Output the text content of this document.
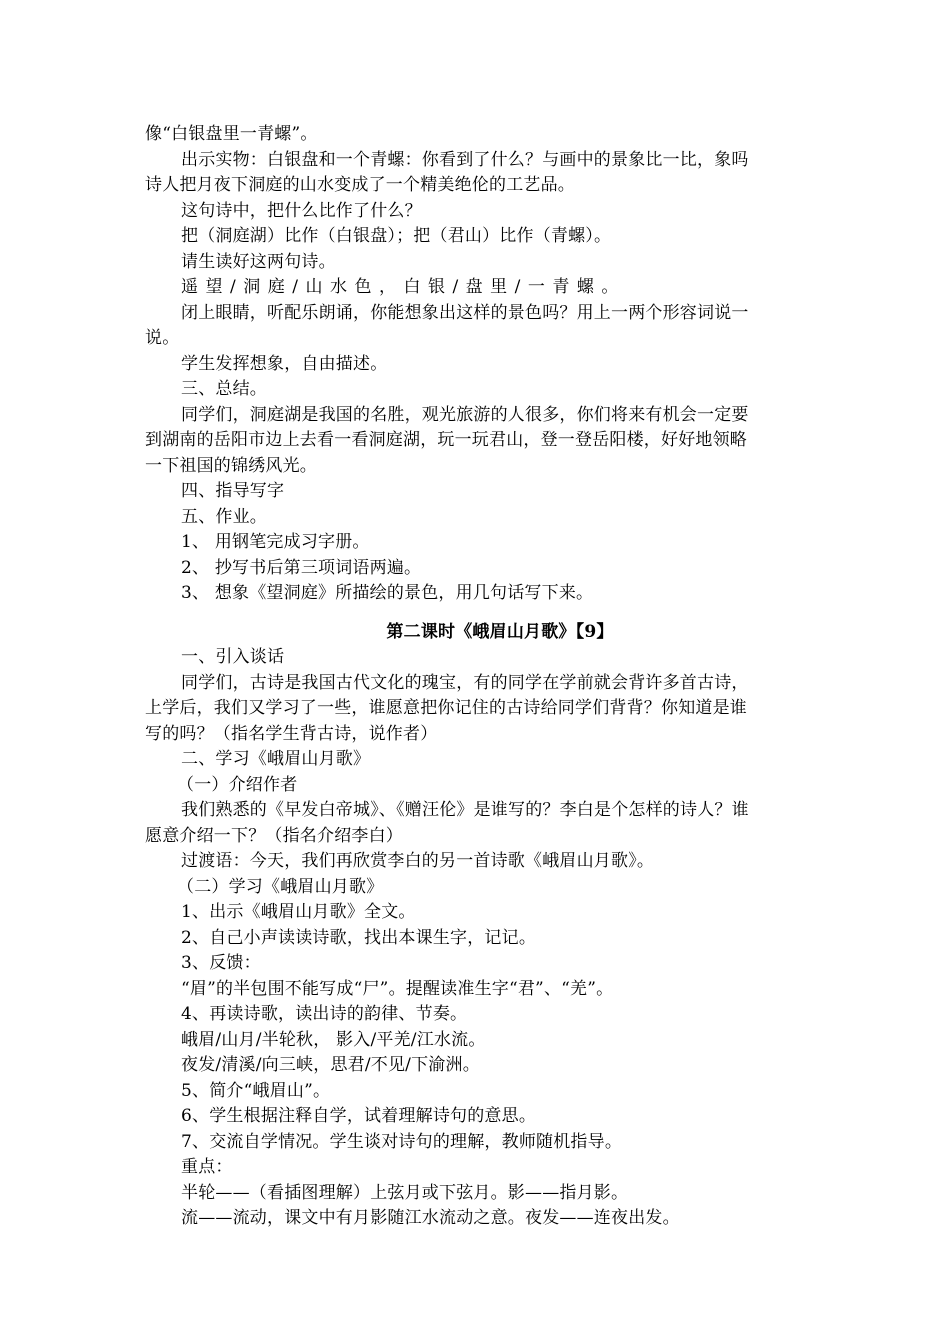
像“白银盘里一青螺”。
出示实物：白银盘和一个青螺：你看到了什么？与画中的景象比一比，象吗
诗人把月夜下洞庭的山水变成了一个精美绝伦的工艺品。
这句诗中，把什么比作了什么？
把（洞庭湖）比作（白银盘）；把（君山）比作（青螺）。
请生读好这两句诗。
遥望/洞庭/山水色，白银/盘里/一青螺。
闭上眼睛，听配乐朗诵，你能想象出这样的景色吗？用上一两个形容词说一
说。
学生发挥想象，自由描述。
三、总结。
同学们，洞庭湖是我国的名胜，观光旅游的人很多，你们将来有机会一定要
到湖南的岳阳市边上去看一看洞庭湖，玩一玩君山，登一登岳阳楼，好好地领略
一下祖国的锦绣风光。
四、指导写字
五、作业。
1、 用钢笔完成习字册。
2、 抄写书后第三项词语两遍。
3、 想象《望洞庭》所描绘的景色，用几句话写下来。
第二课时《峨眉山月歌》【9】
一、引入谈话
同学们，古诗是我国古代文化的瑰宝，有的同学在学前就会背许多首古诗，
上学后，我们又学习了一些，谁愿意把你记住的古诗给同学们背背？你知道是谁
写的吗？（指名学生背古诗，说作者）
二、学习《峨眉山月歌》
（一）介绍作者
我们熟悉的《早发白帝城》、《赠汪伦》是谁写的？李白是个怎样的诗人？谁
愿意介绍一下？（指名介绍李白）
过渡语：今天，我们再欣赏李白的另一首诗歌《峨眉山月歌》。
（二）学习《峨眉山月歌》
1、出示《峨眉山月歌》全文。
2、自己小声读读诗歌，找出本课生字，记记。
3、反馈：
“眉”的半包围不能写成“尸”。提醒读准生字“君”、“羌”。
4、再读诗歌，读出诗的韵律、节奏。
峨眉/山月/半轮秋， 影入/平羌/江水流。
夜发/清溪/向三峡，思君/不见/下渝洲。
5、简介“峨眉山”。
6、学生根据注释自学，试着理解诗句的意思。
7、交流自学情况。学生谈对诗句的理解，教师随机指导。
重点：
半轮——（看插图理解）上弦月或下弦月。影——指月影。
流——流动，课文中有月影随江水流动之意。夜发——连夜出发。
